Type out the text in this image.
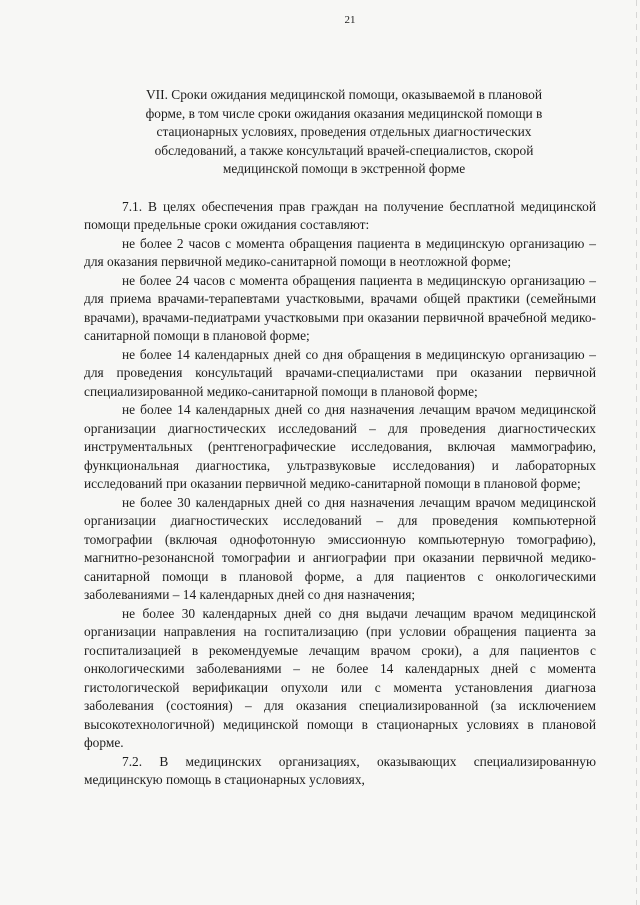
21
VII. Сроки ожидания медицинской помощи, оказываемой в плановой
форме, в том числе сроки ожидания оказания медицинской помощи в
стационарных условиях, проведения отдельных диагностических
обследований, а также консультаций врачей-специалистов, скорой
медицинской помощи в экстренной форме

7.1. В целях обеспечения прав граждан на получение бесплатной медицинской помощи предельные сроки ожидания составляют:

не более 2 часов с момента обращения пациента в медицинскую организацию – для оказания первичной медико-санитарной помощи в неотложной форме;

не более 24 часов с момента обращения пациента в медицинскую организацию – для приема врачами-терапевтами участковыми, врачами общей практики (семейными врачами), врачами-педиатрами участковыми при оказании первичной врачебной медико-санитарной помощи в плановой форме;

не более 14 календарных дней со дня обращения в медицинскую организацию – для проведения консультаций врачами-специалистами при оказании первичной специализированной медико-санитарной помощи в плановой форме;

не более 14 календарных дней со дня назначения лечащим врачом медицинской организации диагностических исследований – для проведения диагностических инструментальных (рентгенографические исследования, включая маммографию, функциональная диагностика, ультразвуковые исследования) и лабораторных исследований при оказании первичной медико-санитарной помощи в плановой форме;

не более 30 календарных дней со дня назначения лечащим врачом медицинской организации диагностических исследований – для проведения компьютерной томографии (включая однофотонную эмиссионную компьютерную томографию), магнитно-резонансной томографии и ангиографии при оказании первичной медико-санитарной помощи в плановой форме, а для пациентов с онкологическими заболеваниями – 14 календарных дней со дня назначения;

не более 30 календарных дней со дня выдачи лечащим врачом медицинской организации направления на госпитализацию (при условии обращения пациента за госпитализацией в рекомендуемые лечащим врачом сроки), а для пациентов с онкологическими заболеваниями – не более 14 календарных дней с момента гистологической верификации опухоли или с момента установления диагноза заболевания (состояния) – для оказания специализированной (за исключением высокотехнологичной) медицинской помощи в стационарных условиях в плановой форме.

7.2. В медицинских организациях, оказывающих специализированную медицинскую помощь в стационарных условиях,
